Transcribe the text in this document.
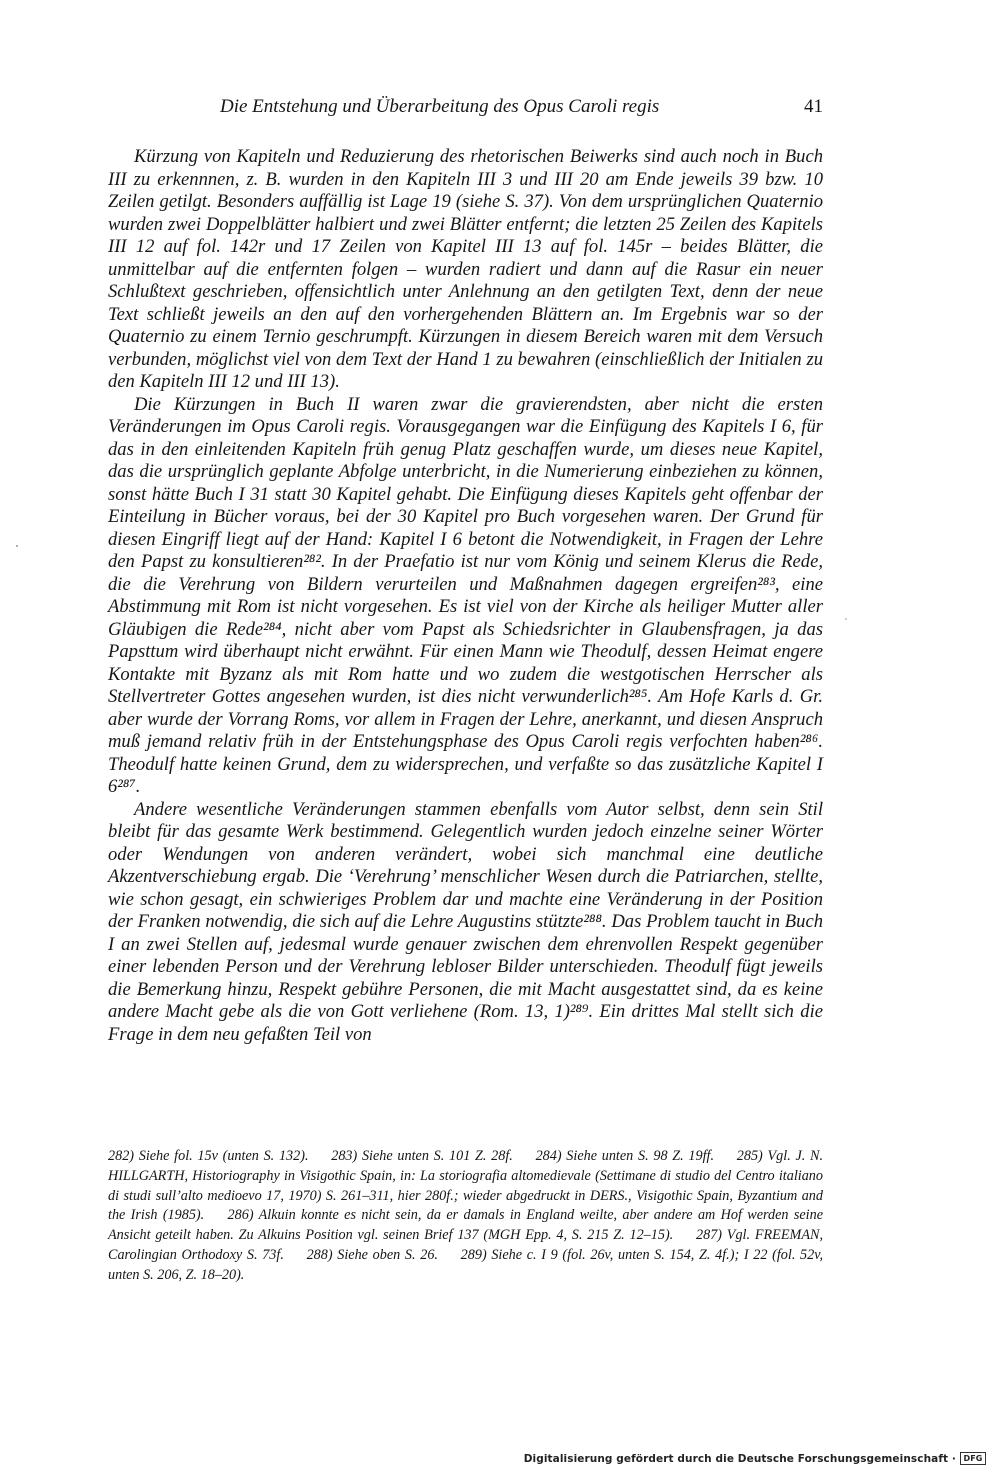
Die Entstehung und Überarbeitung des Opus Caroli regis	41

Kürzung von Kapiteln und Reduzierung des rhetorischen Beiwerks sind auch noch in Buch III zu erkennnen, z. B. wurden in den Kapiteln III 3 und III 20 am Ende jeweils 39 bzw. 10 Zeilen getilgt. Besonders auffällig ist Lage 19 (siehe S. 37). Von dem ursprünglichen Quaternio wurden zwei Doppelblätter halbiert und zwei Blätter entfernt; die letzten 25 Zeilen des Kapitels III 12 auf fol. 142r und 17 Zeilen von Kapitel III 13 auf fol. 145r – beides Blätter, die unmittelbar auf die entfernten folgen – wurden radiert und dann auf die Rasur ein neuer Schlußtext geschrieben, offensichtlich unter Anlehnung an den getilgten Text, denn der neue Text schließt jeweils an den auf den vorhergehenden Blättern an. Im Ergebnis war so der Quaternio zu einem Ternio geschrumpft. Kürzungen in diesem Bereich waren mit dem Versuch verbunden, möglichst viel von dem Text der Hand 1 zu bewahren (einschließlich der Initialen zu den Kapiteln III 12 und III 13).

Die Kürzungen in Buch II waren zwar die gravierendsten, aber nicht die ersten Veränderungen im Opus Caroli regis. Vorausgegangen war die Einfügung des Kapitels I 6, für das in den einleitenden Kapiteln früh genug Platz geschaffen wurde, um dieses neue Kapitel, das die ursprünglich geplante Abfolge unterbricht, in die Numerierung einbeziehen zu können, sonst hätte Buch I 31 statt 30 Kapitel gehabt. Die Einfügung dieses Kapitels geht offenbar der Einteilung in Bücher voraus, bei der 30 Kapitel pro Buch vorgesehen waren. Der Grund für diesen Eingriff liegt auf der Hand: Kapitel I 6 betont die Notwendigkeit, in Fragen der Lehre den Papst zu konsultieren²⁸². In der Praefatio ist nur vom König und seinem Klerus die Rede, die die Verehrung von Bildern verurteilen und Maßnahmen dagegen ergreifen²⁸³, eine Abstimmung mit Rom ist nicht vorgesehen. Es ist viel von der Kirche als heiliger Mutter aller Gläubigen die Rede²⁸⁴, nicht aber vom Papst als Schiedsrichter in Glaubensfragen, ja das Papsttum wird überhaupt nicht erwähnt. Für einen Mann wie Theodulf, dessen Heimat engere Kontakte mit Byzanz als mit Rom hatte und wo zudem die westgotischen Herrscher als Stellvertreter Gottes angesehen wurden, ist dies nicht verwunderlich²⁸⁵. Am Hofe Karls d. Gr. aber wurde der Vorrang Roms, vor allem in Fragen der Lehre, anerkannt, und diesen Anspruch muß jemand relativ früh in der Entstehungsphase des Opus Caroli regis verfochten haben²⁸⁶. Theodulf hatte keinen Grund, dem zu widersprechen, und verfaßte so das zusätzliche Kapitel I 6²⁸⁷.

Andere wesentliche Veränderungen stammen ebenfalls vom Autor selbst, denn sein Stil bleibt für das gesamte Werk bestimmend. Gelegentlich wurden jedoch einzelne seiner Wörter oder Wendungen von anderen verändert, wobei sich manchmal eine deutliche Akzentverschiebung ergab. Die ‘Verehrung’ menschlicher Wesen durch die Patriarchen, stellte, wie schon gesagt, ein schwieriges Problem dar und machte eine Veränderung in der Position der Franken notwendig, die sich auf die Lehre Augustins stützte²⁸⁸. Das Problem taucht in Buch I an zwei Stellen auf, jedesmal wurde genauer zwischen dem ehrenvollen Respekt gegenüber einer lebenden Person und der Verehrung lebloser Bilder unterschieden. Theodulf fügt jeweils die Bemerkung hinzu, Respekt gebühre Personen, die mit Macht ausgestattet sind, da es keine andere Macht gebe als die von Gott verliehene (Rom. 13, 1)²⁸⁹. Ein drittes Mal stellt sich die Frage in dem neu gefaßten Teil von

282) Siehe fol. 15v (unten S. 132). 283) Siehe unten S. 101 Z. 28f. 284) Siehe unten S. 98 Z. 19ff. 285) Vgl. J. N. HILLGARTH, Historiography in Visigothic Spain, in: La storiografia altomedievale (Settimane di studio del Centro italiano di studi sull’alto medioevo 17, 1970) S. 261–311, hier 280f.; wieder abgedruckt in DERS., Visigothic Spain, Byzantium and the Irish (1985). 286) Alkuin konnte es nicht sein, da er damals in England weilte, aber andere am Hof werden seine Ansicht geteilt haben. Zu Alkuins Position vgl. seinen Brief 137 (MGH Epp. 4, S. 215 Z. 12–15). 287) Vgl. FREEMAN, Carolingian Orthodoxy S. 73f. 288) Siehe oben S. 26. 289) Siehe c. I 9 (fol. 26v, unten S. 154, Z. 4f.); I 22 (fol. 52v, unten S. 206, Z. 18–20).
Digitalisierung gefördert durch die Deutsche Forschungsgemeinschaft · DFG
